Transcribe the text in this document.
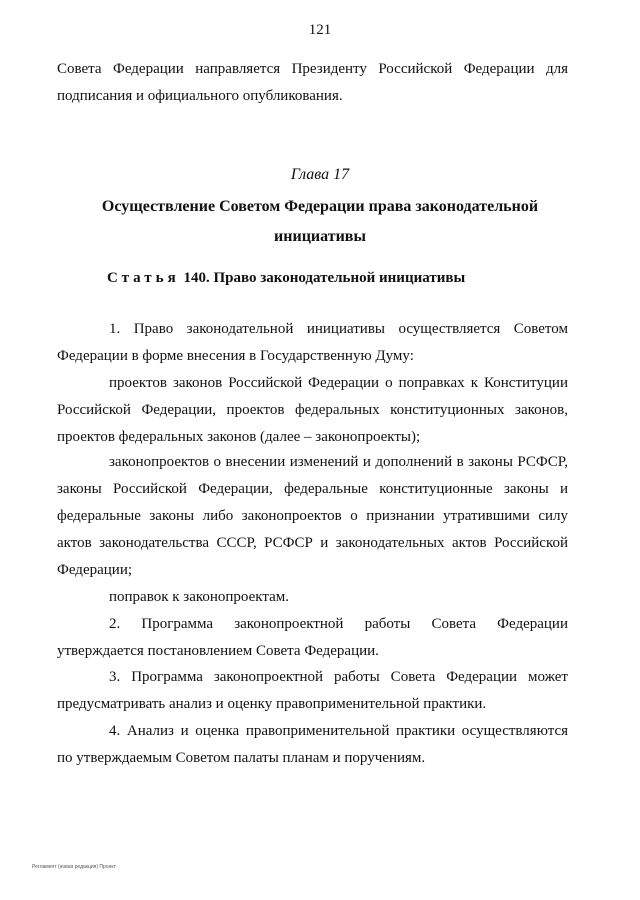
121

Совета Федерации направляется Президенту Российской Федерации для подписания и официального опубликования.

Глава 17
Осуществление Советом Федерации права законодательной инициативы
Статья 140. Право законодательной инициативы

1. Право законодательной инициативы осуществляется Советом Федерации в форме внесения в Государственную Думу:

проектов законов Российской Федерации о поправках к Конституции Российской Федерации, проектов федеральных конституционных законов, проектов федеральных законов (далее – законопроекты);

законопроектов о внесении изменений и дополнений в законы РСФСР, законы Российской Федерации, федеральные конституционные законы и федеральные законы либо законопроектов о признании утратившими силу актов законодательства СССР, РСФСР и законодательных актов Российской Федерации;

поправок к законопроектам.

2. Программа законопроектной работы Совета Федерации утверждается постановлением Совета Федерации.

3. Программа законопроектной работы Совета Федерации может предусматривать анализ и оценку правоприменительной практики.

4. Анализ и оценка правоприменительной практики осуществляются по утверждаемым Советом палаты планам и поручениям.

Регламент (новая редакция) Проект
